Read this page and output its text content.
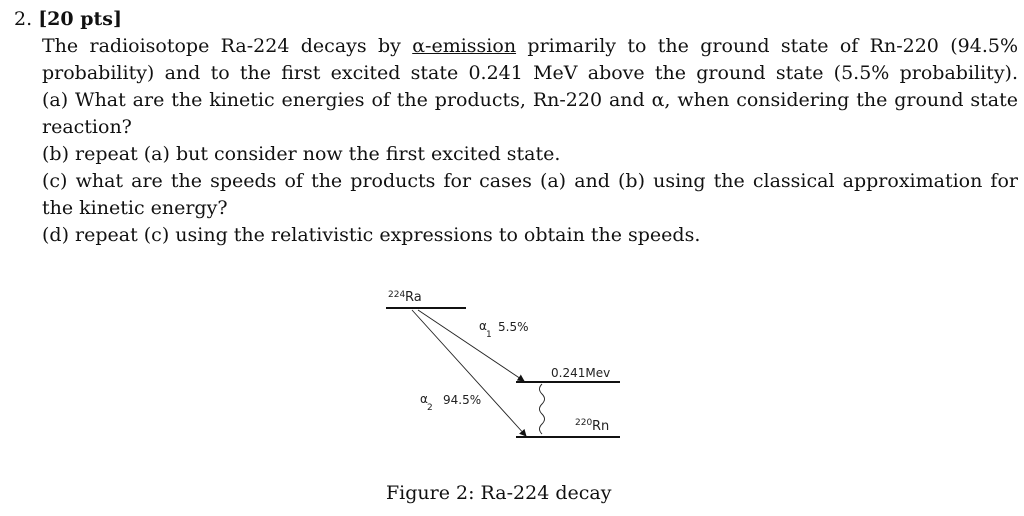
2. [20 pts]
The radioisotope Ra-224 decays by α-emission primarily to the ground state of Rn-220 (94.5%
probability) and to the first excited state 0.241 MeV above the ground state (5.5% probability).
(a) What are the kinetic energies of the products, Rn-220 and α, when considering the ground state
reaction?
(b) repeat (a) but consider now the first excited state.
(c) what are the speeds of the products for cases (a) and (b) using the classical approximation for
the kinetic energy?
(d) repeat (c) using the relativistic expressions to obtain the speeds.
224 Ra
0.241Mev
220 Rn
α
1
5.5%
α
2
94.5%
Figure 2: Ra-224 decay
